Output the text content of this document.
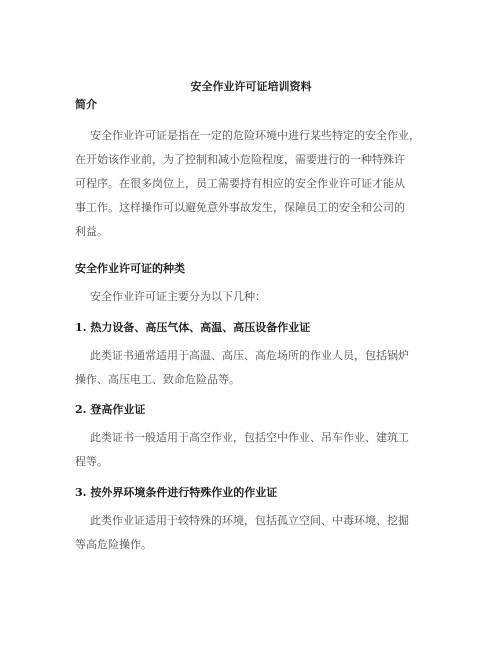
安全作业许可证培训资料
简介
安全作业许可证是指在一定的危险环境中进行某些特定的安全作业，
在开始该作业前，为了控制和减小危险程度，需要进行的一种特殊许
可程序。在很多岗位上，员工需要持有相应的安全作业许可证才能从
事工作。这样操作可以避免意外事故发生，保障员工的安全和公司的
利益。
安全作业许可证的种类
安全作业许可证主要分为以下几种：
1. 热力设备、高压气体、高温、高压设备作业证
此类证书通常适用于高温、高压、高危场所的作业人员，包括锅炉
操作、高压电工、致命危险品等。
2. 登高作业证
此类证书一般适用于高空作业，包括空中作业、吊车作业、建筑工
程等。
3. 按外界环境条件进行特殊作业的作业证
此类作业证适用于较特殊的环境，包括孤立空间、中毒环境、挖掘
等高危险操作。
